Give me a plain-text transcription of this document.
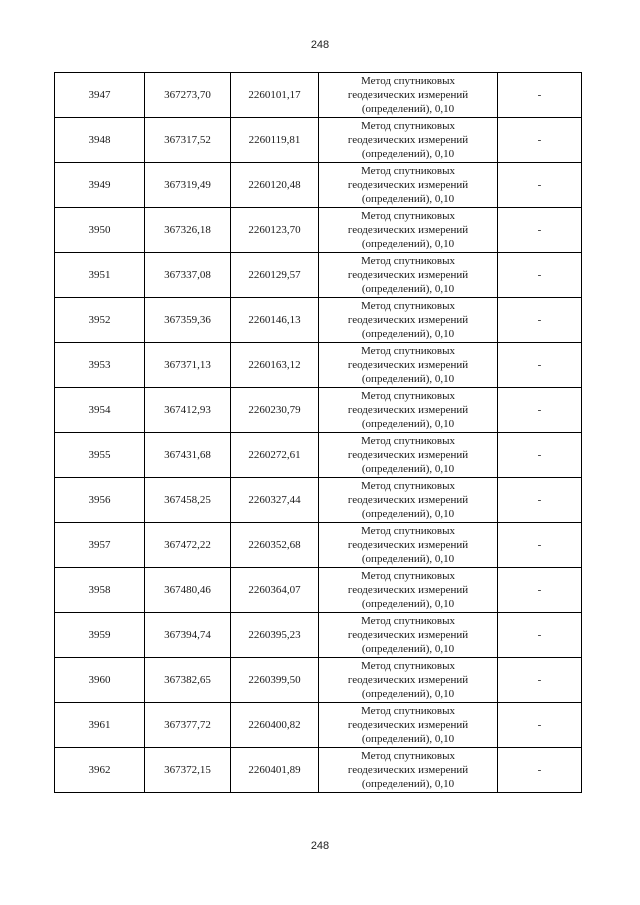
248
3947	367273,70	2260101,17	Метод спутниковых
геодезических измерений
(определений), 0,10	-
3948	367317,52	2260119,81	Метод спутниковых
геодезических измерений
(определений), 0,10	-
3949	367319,49	2260120,48	Метод спутниковых
геодезических измерений
(определений), 0,10	-
3950	367326,18	2260123,70	Метод спутниковых
геодезических измерений
(определений), 0,10	-
3951	367337,08	2260129,57	Метод спутниковых
геодезических измерений
(определений), 0,10	-
3952	367359,36	2260146,13	Метод спутниковых
геодезических измерений
(определений), 0,10	-
3953	367371,13	2260163,12	Метод спутниковых
геодезических измерений
(определений), 0,10	-
3954	367412,93	2260230,79	Метод спутниковых
геодезических измерений
(определений), 0,10	-
3955	367431,68	2260272,61	Метод спутниковых
геодезических измерений
(определений), 0,10	-
3956	367458,25	2260327,44	Метод спутниковых
геодезических измерений
(определений), 0,10	-
3957	367472,22	2260352,68	Метод спутниковых
геодезических измерений
(определений), 0,10	-
3958	367480,46	2260364,07	Метод спутниковых
геодезических измерений
(определений), 0,10	-
3959	367394,74	2260395,23	Метод спутниковых
геодезических измерений
(определений), 0,10	-
3960	367382,65	2260399,50	Метод спутниковых
геодезических измерений
(определений), 0,10	-
3961	367377,72	2260400,82	Метод спутниковых
геодезических измерений
(определений), 0,10	-
3962	367372,15	2260401,89	Метод спутниковых
геодезических измерений
(определений), 0,10	-
248
